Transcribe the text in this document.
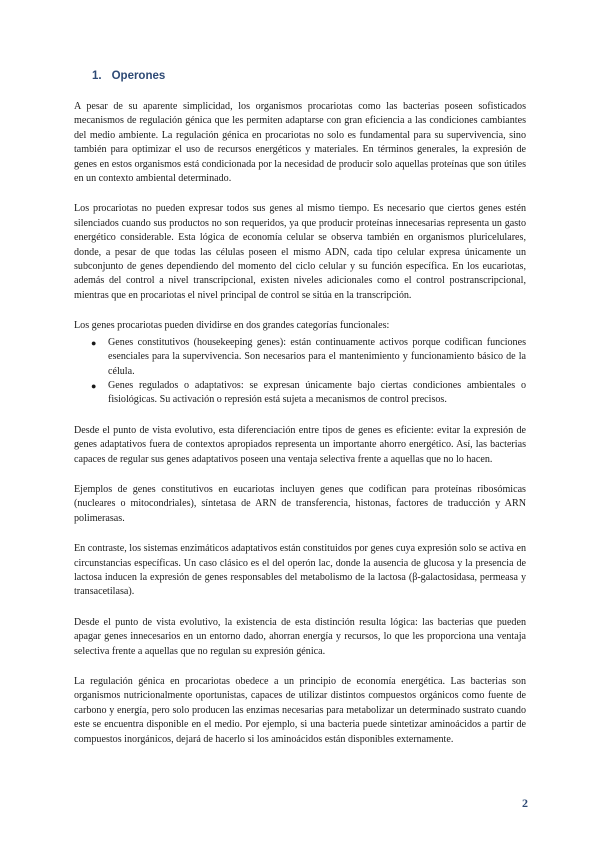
1. Operones

A pesar de su aparente simplicidad, los organismos procariotas como las bacterias poseen sofisticados mecanismos de regulación génica que les permiten adaptarse con gran eficiencia a las condiciones cambiantes del medio ambiente. La regulación génica en procariotas no solo es fundamental para su supervivencia, sino también para optimizar el uso de recursos energéticos y materiales. En términos generales, la expresión de genes en estos organismos está condicionada por la necesidad de producir solo aquellas proteínas que son útiles en un contexto ambiental determinado.

Los procariotas no pueden expresar todos sus genes al mismo tiempo. Es necesario que ciertos genes estén silenciados cuando sus productos no son requeridos, ya que producir proteínas innecesarias representa un gasto energético considerable. Esta lógica de economía celular se observa también en organismos pluricelulares, donde, a pesar de que todas las células poseen el mismo ADN, cada tipo celular expresa únicamente un subconjunto de genes dependiendo del momento del ciclo celular y su función específica. En los eucariotas, además del control a nivel transcripcional, existen niveles adicionales como el control postranscripcional, mientras que en procariotas el nivel principal de control se sitúa en la transcripción.

Los genes procariotas pueden dividirse en dos grandes categorías funcionales:

● Genes constitutivos (housekeeping genes): están continuamente activos porque codifican funciones esenciales para la supervivencia. Son necesarios para el mantenimiento y funcionamiento básico de la célula.
● Genes regulados o adaptativos: se expresan únicamente bajo ciertas condiciones ambientales o fisiológicas. Su activación o represión está sujeta a mecanismos de control precisos.

Desde el punto de vista evolutivo, esta diferenciación entre tipos de genes es eficiente: evitar la expresión de genes adaptativos fuera de contextos apropiados representa un importante ahorro energético. Así, las bacterias capaces de regular sus genes adaptativos poseen una ventaja selectiva frente a aquellas que no lo hacen.

Ejemplos de genes constitutivos en eucariotas incluyen genes que codifican para proteínas ribosómicas (nucleares o mitocondriales), síntetasa de ARN de transferencia, histonas, factores de traducción y ARN polimerasas.

En contraste, los sistemas enzimáticos adaptativos están constituidos por genes cuya expresión solo se activa en circunstancias específicas. Un caso clásico es el del operón lac, donde la ausencia de glucosa y la presencia de lactosa inducen la expresión de genes responsables del metabolismo de la lactosa (β-galactosidasa, permeasa y transacetilasa).

Desde el punto de vista evolutivo, la existencia de esta distinción resulta lógica: las bacterias que pueden apagar genes innecesarios en un entorno dado, ahorran energía y recursos, lo que les proporciona una ventaja selectiva frente a aquellas que no regulan su expresión génica.

La regulación génica en procariotas obedece a un principio de economía energética. Las bacterias son organismos nutricionalmente oportunistas, capaces de utilizar distintos compuestos orgánicos como fuente de carbono y energía, pero solo producen las enzimas necesarias para metabolizar un determinado sustrato cuando este se encuentra disponible en el medio. Por ejemplo, si una bacteria puede sintetizar aminoácidos a partir de compuestos inorgánicos, dejará de hacerlo si los aminoácidos están disponibles externamente.

2
